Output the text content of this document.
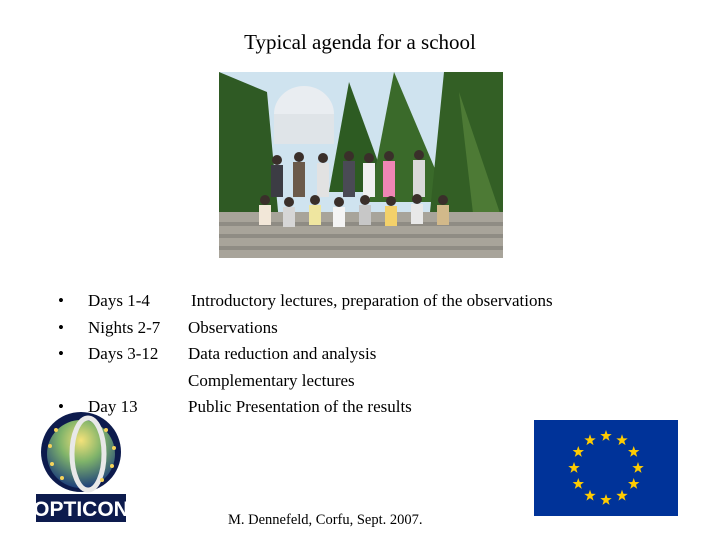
Typical agenda for a school
• Days 1-4 Introductory lectures, preparation of the observations
• Nights 2-7 Observations
• Days 3-12 Data reduction and analysis
Complementary lectures
• Day 13	Public Presentation of the results
OPTICON	M. Dennefeld, Corfu, Sept. 2007.
